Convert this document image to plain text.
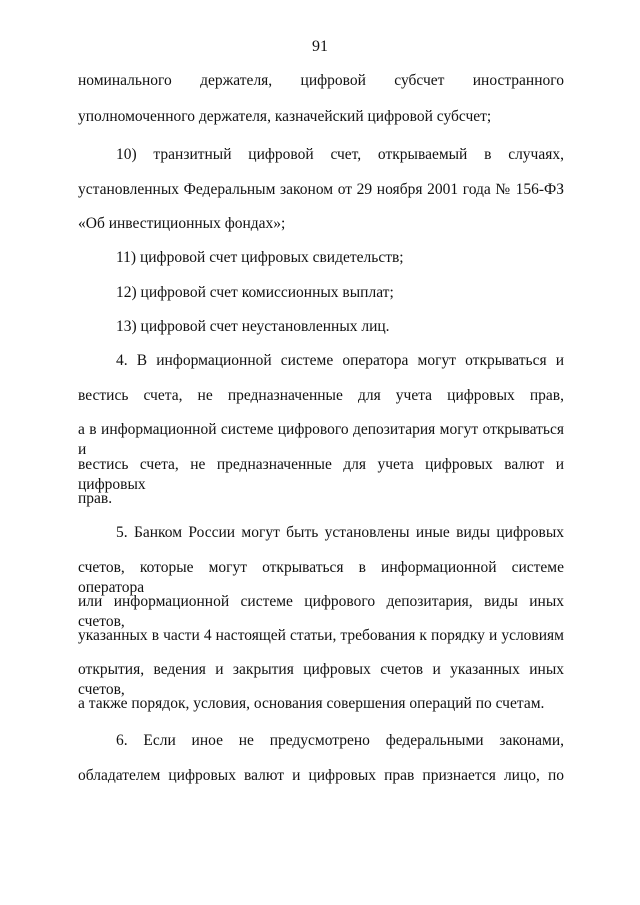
91
номинального держателя, цифровой субсчет иностранного
уполномоченного держателя, казначейский цифровой субсчет;
10) транзитный цифровой счет, открываемый в случаях,
установленных Федеральным законом от 29 ноября 2001 года № 156-ФЗ
«Об инвестиционных фондах»;
11) цифровой счет цифровых свидетельств;
12) цифровой счет комиссионных выплат;
13) цифровой счет неустановленных лиц.
4. В информационной системе оператора могут открываться и
вестись счета, не предназначенные для учета цифровых прав,
а в информационной системе цифрового депозитария могут открываться и
вестись счета, не предназначенные для учета цифровых валют и цифровых
прав.
5. Банком России могут быть установлены иные виды цифровых
счетов, которые могут открываться в информационной системе оператора
или информационной системе цифрового депозитария, виды иных счетов,
указанных в части 4 настоящей статьи, требования к порядку и условиям
открытия, ведения и закрытия цифровых счетов и указанных иных счетов,
а также порядок, условия, основания совершения операций по счетам.
6. Если иное не предусмотрено федеральными законами,
обладателем цифровых валют и цифровых прав признается лицо, по
